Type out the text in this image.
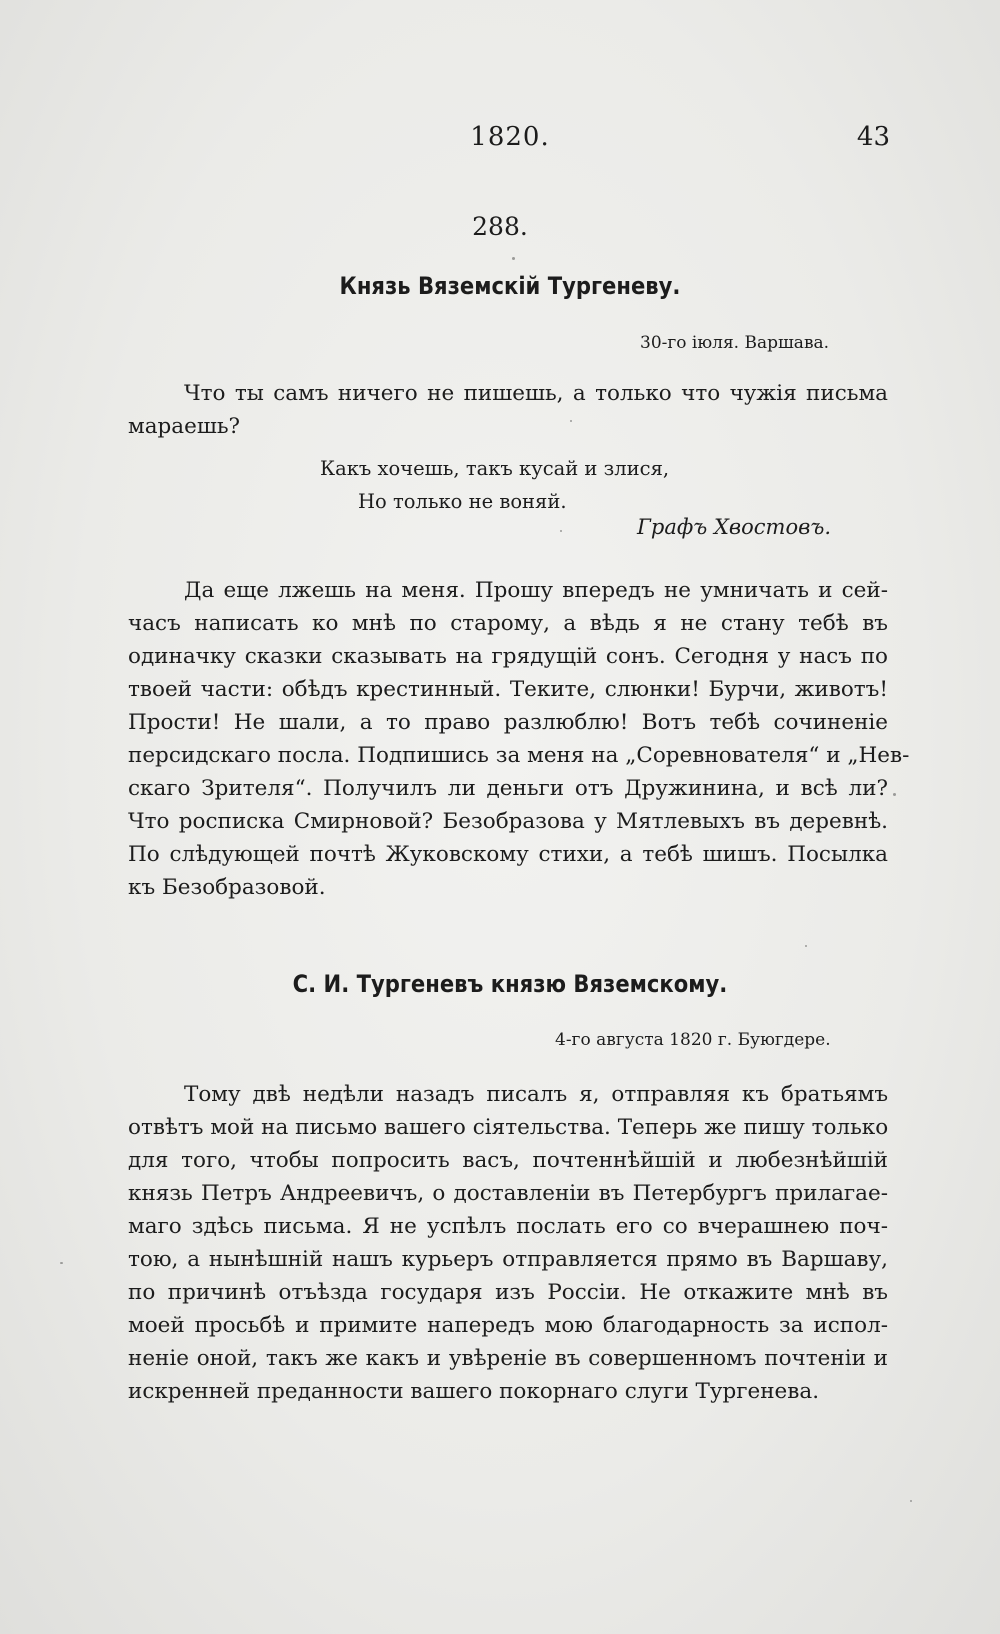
1820.	43
288.
Князь Вяземскій Тургеневу.
30-го іюля. Варшава.
Что ты самъ ничего не пишешь, а только что чужія письма
мараешь?
Какъ хочешь, такъ кусай и злися,
Но только не воняй.
Графъ Хвостовъ.
Да еще лжешь на меня. Прошу впередъ не умничать и сей-
часъ написать ко мнѣ по старому, а вѣдь я не стану тебѣ въ
одиначку сказки сказывать на грядущій сонъ. Сегодня у насъ по
твоей части: обѣдъ крестинный. Теките, слюнки! Бурчи, животъ!
Прости! Не шали, а то право разлюблю! Вотъ тебѣ сочиненіе
персидскаго посла. Подпишись за меня на „Соревнователя“ и „Нев-
скаго Зрителя“. Получилъ ли деньги отъ Дружинина, и всѣ ли?
Что росписка Смирновой? Безобразова у Мятлевыхъ въ деревнѣ.
По слѣдующей почтѣ Жуковскому стихи, а тебѣ шишъ. Посылка
къ Безобразовой.
С. И. Тургеневъ князю Вяземскому.
4-го августа 1820 г. Буюгдере.
Тому двѣ недѣли назадъ писалъ я, отправляя къ братьямъ
отвѣтъ мой на письмо вашего сіятельства. Теперь же пишу только
для того, чтобы попросить васъ, почтеннѣйшій и любезнѣйшій
князь Петръ Андреевичъ, о доставленіи въ Петербургъ прилагае-
маго здѣсь письма. Я не успѣлъ послать его со вчерашнею поч-
тою, а нынѣшній нашъ курьеръ отправляется прямо въ Варшаву,
по причинѣ отъѣзда государя изъ Россіи. Не откажите мнѣ въ
моей просьбѣ и примите напередъ мою благодарность за испол-
неніе оной, такъ же какъ и увѣреніе въ совершенномъ почтеніи и
искренней преданности вашего покорнаго слуги Тургенева.
